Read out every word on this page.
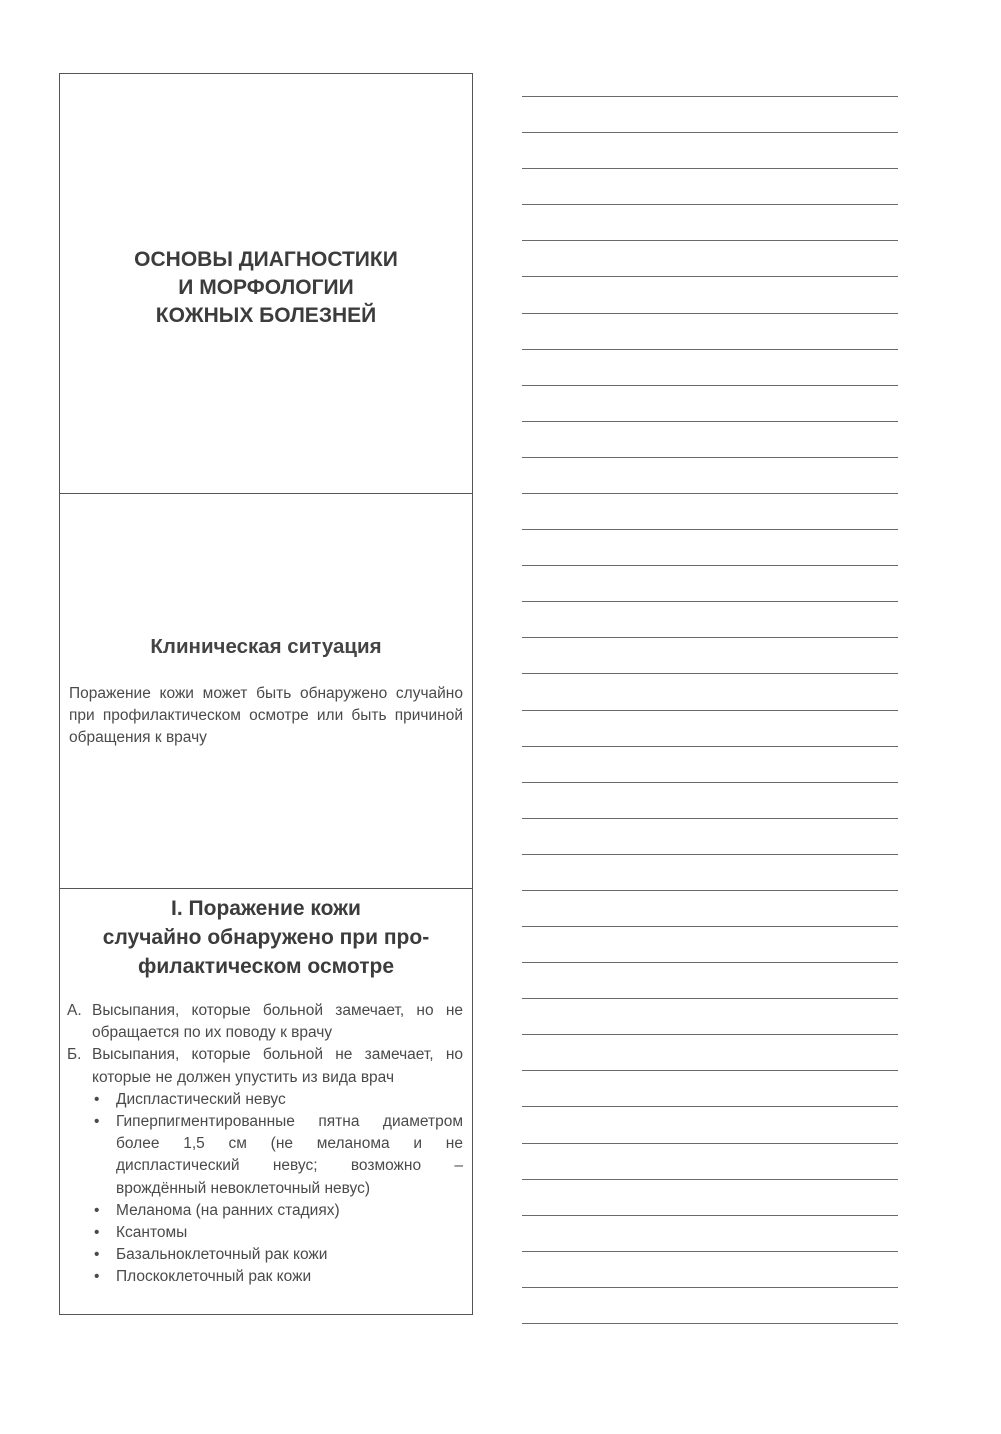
ОСНОВЫ ДИАГНОСТИКИ
И МОРФОЛОГИИ
КОЖНЫХ БОЛЕЗНЕЙ
Клиническая ситуация
Поражение кожи может быть обнаружено случайно при профилактическом осмотре или быть причиной обращения к врачу
I. Поражение кожи
случайно обнаружено при про-
филактическом осмотре
А. Высыпания, которые больной замечает, но не обращается по их поводу к врачу
Б. Высыпания, которые больной не замечает, но которые не должен упустить из вида врач
•	Диспластический невус
•	Гиперпигментированные пятна диаметром более 1,5 см (не меланома и не диспластический невус; возможно – врождённый невоклеточный невус)
•	Меланома (на ранних стадиях)
•	Ксантомы
•	Базальноклеточный рак кожи
•	Плоскоклеточный рак кожи
